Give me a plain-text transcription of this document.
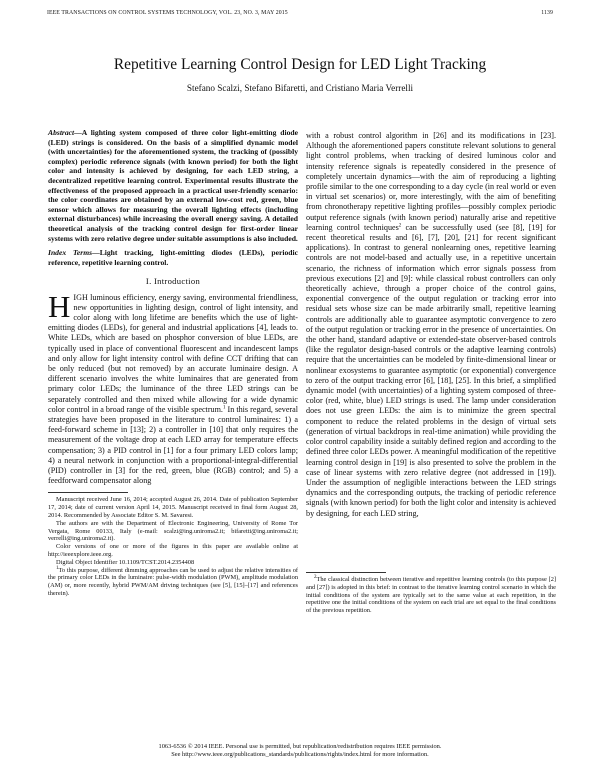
IEEE TRANSACTIONS ON CONTROL SYSTEMS TECHNOLOGY, VOL. 23, NO. 3, MAY 2015	1139
Repetitive Learning Control Design for LED Light Tracking
Stefano Scalzi, Stefano Bifaretti, and Cristiano Maria Verrelli

Abstract—A lighting system composed of three color light-emitting diode (LED) strings is considered. On the basis of a simplified dynamic model (with uncertainties) for the aforementioned system, the tracking of (possibly complex) periodic reference signals (with known period) for both the light color and intensity is achieved by designing, for each LED string, a decentralized repetitive learning control. Experimental results illustrate the effectiveness of the proposed approach in a practical user-friendly scenario: the color coordinates are obtained by an external low-cost red, green, blue sensor which allows for measuring the overall lighting effects (including external disturbances) while increasing the overall energy saving. A detailed theoretical analysis of the tracking control design for first-order linear systems with zero relative degree under suitable assumptions is also included.

Index Terms—Light tracking, light-emitting diodes (LEDs), periodic reference, repetitive learning control.

I. Introduction

HIGH luminous efficiency, energy saving, environmental friendliness, new opportunities in lighting design, control of light intensity, and color along with long lifetime are benefits which the use of light-emitting diodes (LEDs), for general and industrial applications [4], leads to. White LEDs, which are based on phosphor conversion of blue LEDs, are typically used in place of conventional fluorescent and incandescent lamps and only allow for light intensity control with define CCT drifting that can be only reduced (but not removed) by an accurate luminaire design. A different scenario involves the white luminaires that are generated from primary color LEDs; the luminance of the three LED strings can be separately controlled and then mixed while allowing for a wide dynamic color control in a broad range of the visible spectrum.$^1$ In this regard, several strategies have been proposed in the literature to control luminaires: 1) a feed-forward scheme in [13]; 2) a controller in [10] that only requires the measurement of the voltage drop at each LED array for temperature effects compensation; 3) a PID control in [1] for a four primary LED colors lamp; 4) a neural network in conjunction with a proportional-integral-differential (PID) controller in [3] for the red, green, blue (RGB) control; and 5) a feedforward compensator along

Manuscript received June 16, 2014; accepted August 26, 2014. Date of publication September 17, 2014; date of current version April 14, 2015. Manuscript received in final form August 28, 2014. Recommended by Associate Editor S. M. Savaresi.

The authors are with the Department of Electronic Engineering, University of Rome Tor Vergata, Rome 00133, Italy (e-mail: scalzi@ing.uniroma2.it; bifaretti@ing.uniroma2.it; verrelli@ing.uniroma2.it).

Color versions of one or more of the figures in this paper are available online at http://ieeexplore.ieee.org.

Digital Object Identifier 10.1109/TCST.2014.2354408

$^1$To this purpose, different dimming approaches can be used to adjust the relative intensities of the primary color LEDs in the luminaire: pulse-width modulation (PWM), amplitude modulation (AM) or, more recently, hybrid PWM/AM driving techniques (see [5], [15]–[17] and references therein).

with a robust control algorithm in [26] and its modifications in [23]. Although the aforementioned papers constitute relevant solutions to general light control problems, when tracking of desired luminous color and intensity reference signals is repeatedly considered in the presence of completely uncertain dynamics—with the aim of reproducing a lighting profile similar to the one corresponding to a day cycle (in real world or even in virtual set scenarios) or, more interestingly, with the aim of benefiting from chronotherapy repetitive lighting profiles—possibly complex periodic output reference signals (with known period) naturally arise and repetitive learning control techniques$^2$ can be successfully used (see [8], [19] for recent theoretical results and [6], [7], [20], [21] for recent significant applications). In contrast to general nonlearning ones, repetitive learning controls are not model-based and actually use, in a repetitive uncertain scenario, the richness of information which error signals possess from previous executions [2] and [9]: while classical robust controllers can only theoretically achieve, through a proper choice of the control gains, exponential convergence of the output regulation or tracking error into residual sets whose size can be made arbitrarily small, repetitive learning controls are additionally able to guarantee asymptotic convergence to zero of the output regulation or tracking error in the presence of uncertainties. On the other hand, standard adaptive or extended-state observer-based controls (like the regulator design-based controls or the adaptive learning controls) require that the uncertainties can be modeled by finite-dimensional linear or nonlinear exosystems to guarantee asymptotic (or exponential) convergence to zero of the output tracking error [6], [18], [25]. In this brief, a simplified dynamic model (with uncertainties) of a lighting system composed of three-color (red, white, blue) LED strings is used. The lamp under consideration does not use green LEDs: the aim is to minimize the green spectral component to reduce the related problems in the design of virtual sets (generation of virtual backdrops in real-time animation) while providing the color control capability inside a suitably defined region and according to the defined three color LEDs power. A meaningful modification of the repetitive learning control design in [19] is also presented to solve the problem in the case of linear systems with zero relative degree (not addressed in [19]). Under the assumption of negligible interactions between the LED strings dynamics and the corresponding outputs, the tracking of periodic reference signals (with known period) for both the light color and intensity is achieved by designing, for each LED string,

$^2$The classical distinction between iterative and repetitive learning controls (to this purpose [2] and [27]) is adopted in this brief: in contrast to the iterative learning control scenario in which the initial conditions of the system are typically set to the same value at each repetition, in the repetitive one the initial conditions of the system on each trial are set equal to the final conditions of the previous repetition.

1063-6536 © 2014 IEEE. Personal use is permitted, but republication/redistribution requires IEEE permission.
See http://www.ieee.org/publications_standards/publications/rights/index.html for more information.
